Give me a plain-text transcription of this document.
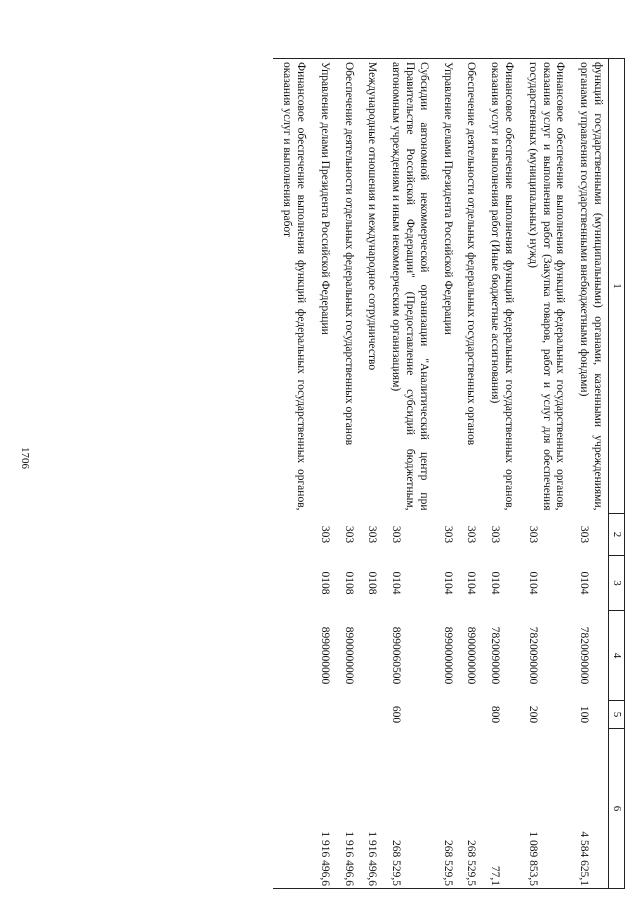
1706
1	2	3	4	5	6
функций государственными (муниципальными) органами, казенными учреждениями, органами управления государственными внебюджетными фондами)	303	0104	7820090000	100	4 584 625,1
Финансовое обеспечение выполнения функций федеральных государственных органов, оказания услуг и выполнения работ (Закупка товаров, работ и услуг для обеспечения государственных (муниципальных) нужд)	303	0104	7820090000	200	1 089 853,5
Финансовое обеспечение выполнения функций федеральных государственных органов, оказания услуг и выполнения работ (Иные бюджетные ассигнования)	303	0104	7820090000	800	77,1
Обеспечение деятельности отдельных федеральных государственных органов	303	0104	8900000000		268 529,5
Управление делами Президента Российской Федерации	303	0104	8990000000		268 529,5
Субсидии автономной некоммерческой организации "Аналитический центр при Правительстве Российской Федерации" (Предоставление субсидий бюджетным, автономным учреждениям и иным некоммерческим организациям)	303	0104	8990060500	600	268 529,5
Международные отношения и международное сотрудничество	303	0108			1 916 496,6
Обеспечение деятельности отдельных федеральных государственных органов	303	0108	8900000000		1 916 496,6
Управление делами Президента Российской Федерации	303	0108	8990000000		1 916 496,6
Финансовое обеспечение выполнения функций федеральных государственных органов, оказания услуг и выполнения работ					
